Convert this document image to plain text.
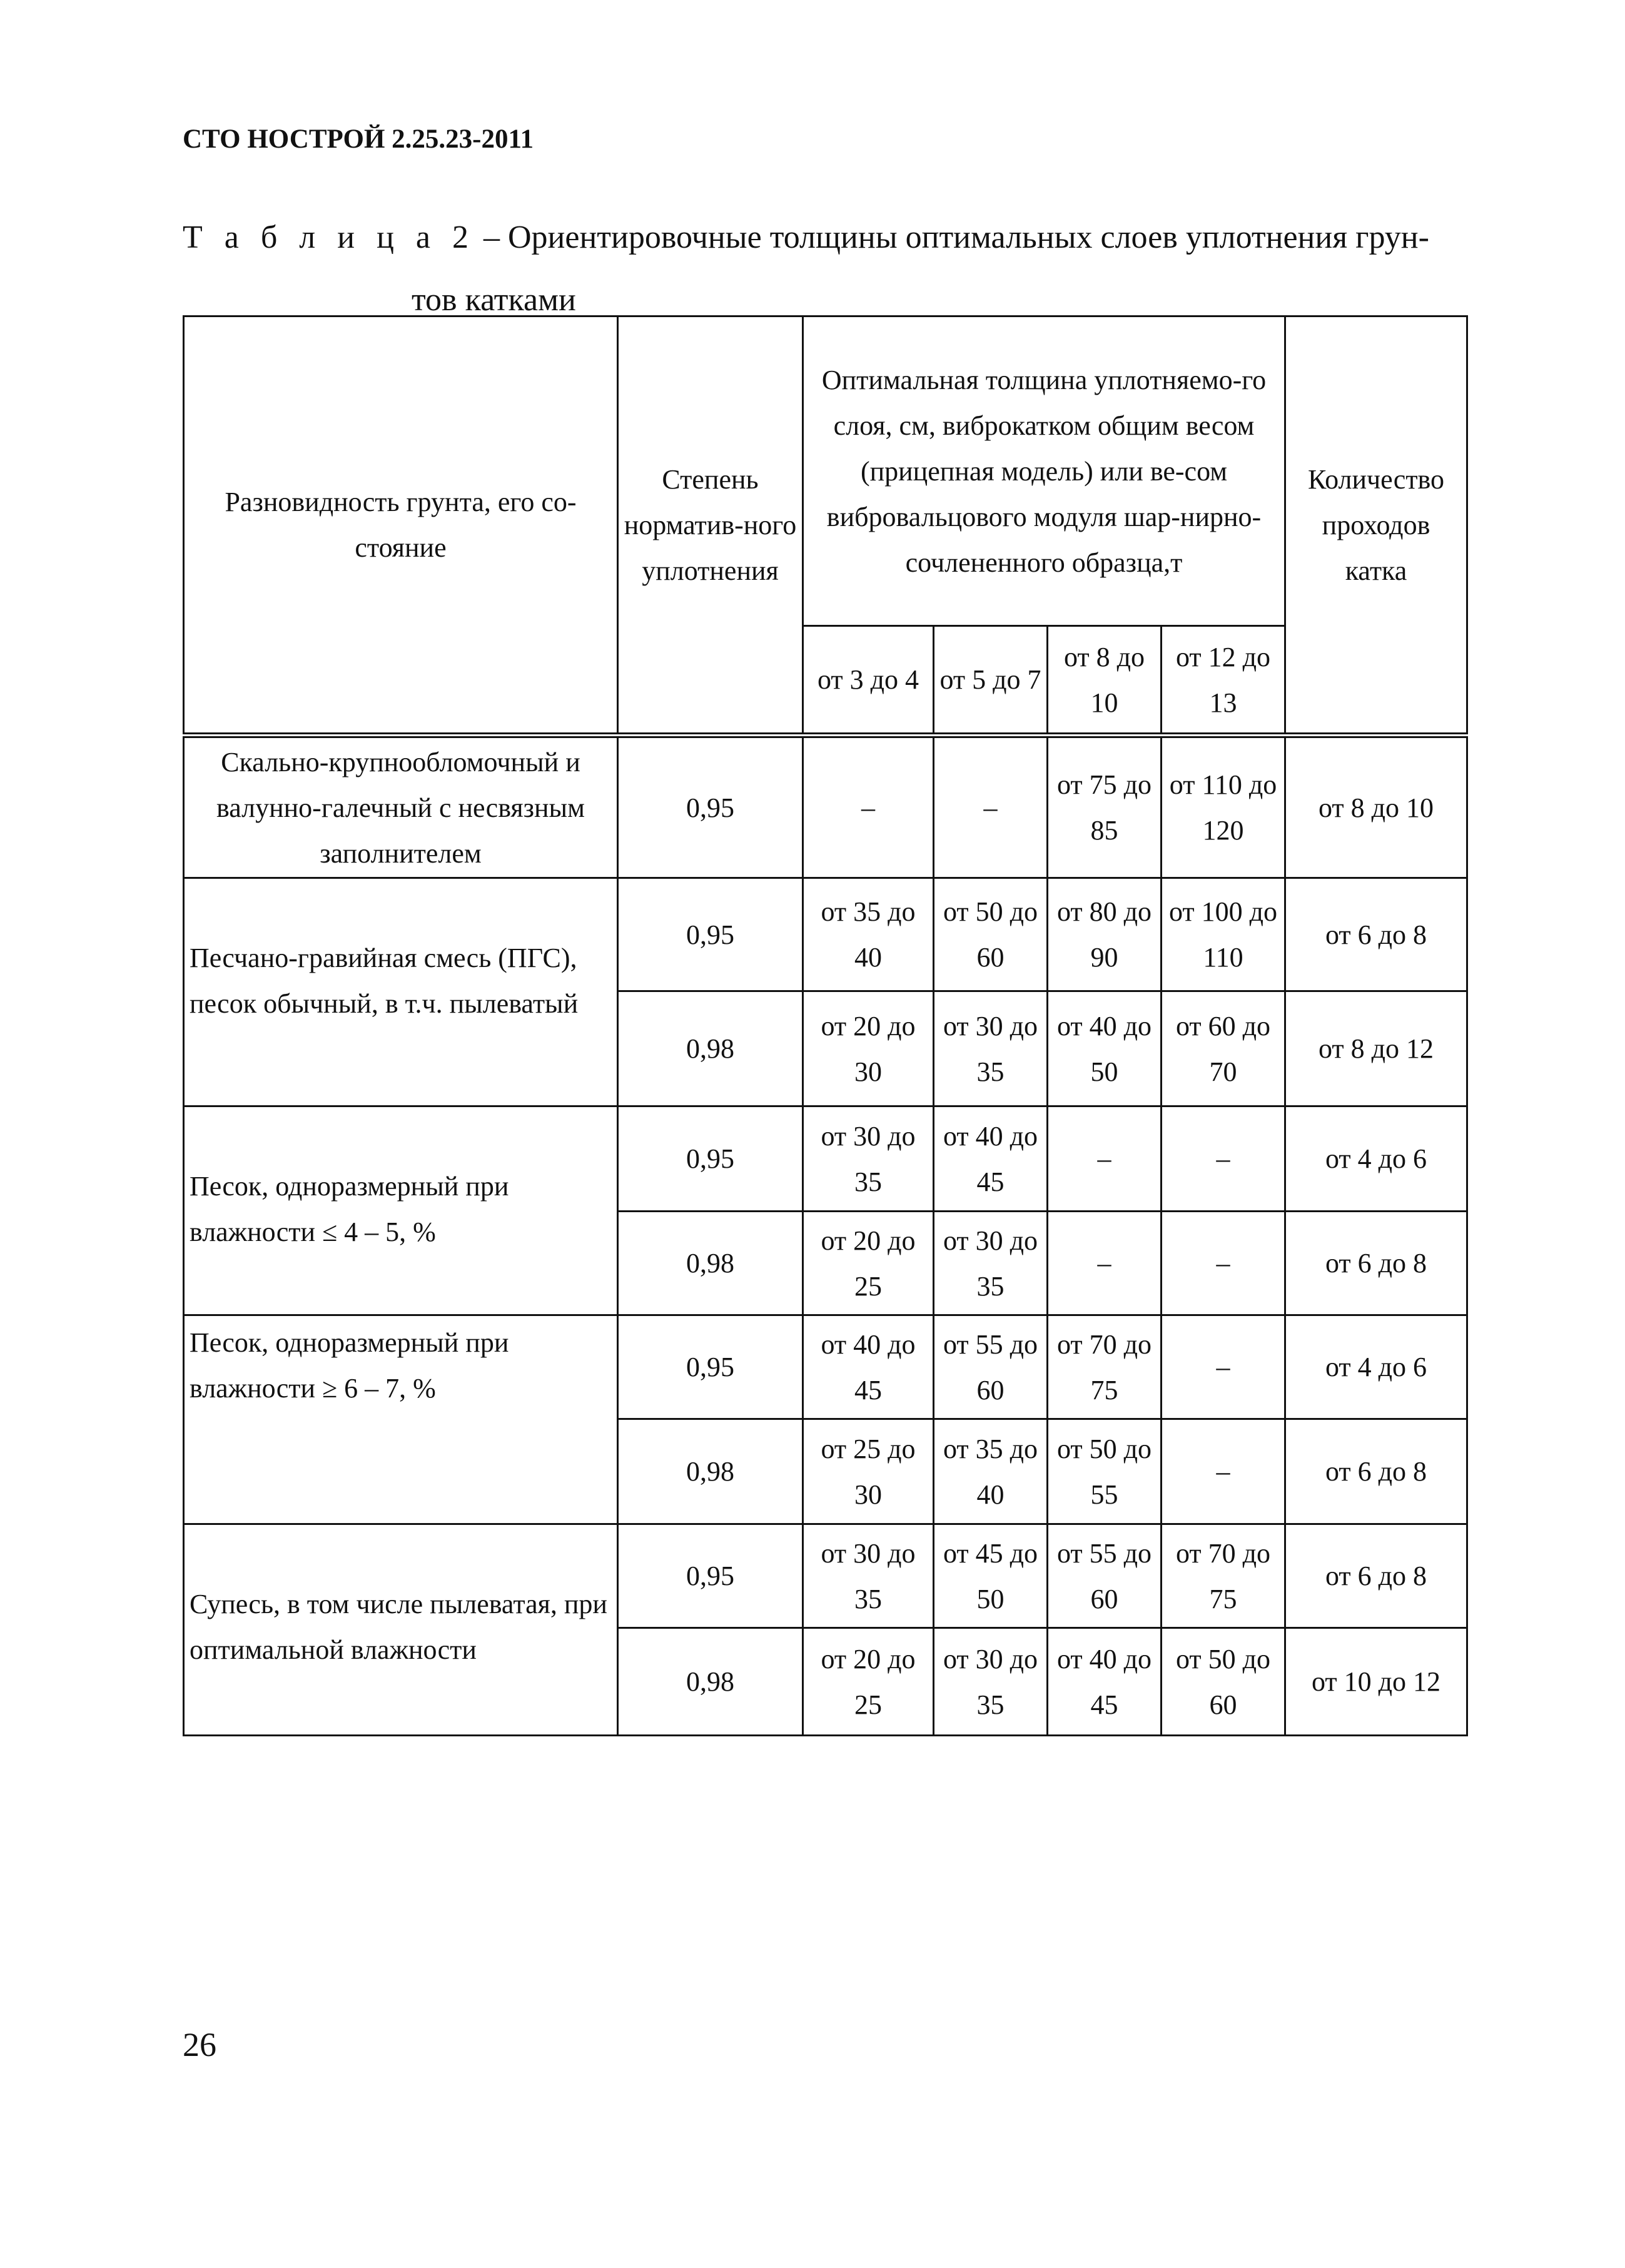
СТО НОСТРОЙ 2.25.23-2011
Т а б л и ц а 2 – Ориентировочные толщины оптимальных слоев уплотнения грун-
тов катками
Разновидность грунта, его со-стояние	Степень норматив-ного уплотнения	Оптимальная толщина уплотняемо-го слоя, см, виброкатком общим весом (прицепная модель) или ве-сом вибровальцового модуля шар-нирно-сочлененного образца,т				Количество проходов катка
		от 3 до 4	от 5 до 7	от 8 до 10	от 12 до 13	
Скально-крупнообломочный и валунно-галечный с несвязным заполнителем	0,95	–	–	от 75 до 85	от 110 до 120	от 8 до 10
Песчано-гравийная смесь (ПГС), песок обычный, в т.ч. пылеватый	0,95	от 35 до 40	от 50 до 60	от 80 до 90	от 100 до 110	от 6 до 8
	0,98	от 20 до 30	от 30 до 35	от 40 до 50	от 60 до 70	от 8 до 12
Песок, одноразмерный при влажности ≤ 4 – 5, %	0,95	от 30 до 35	от 40 до 45	–	–	от 4 до 6
	0,98	от 20 до 25	от 30 до 35	–	–	от 6 до 8
Песок, одноразмерный при влажности ≥ 6 – 7, %	0,95	от 40 до 45	от 55 до 60	от 70 до 75	–	от 4 до 6
	0,98	от 25 до 30	от 35 до 40	от 50 до 55	–	от 6 до 8
Супесь, в том числе пылеватая, при оптимальной влажности	0,95	от 30 до 35	от 45 до 50	от 55 до 60	от 70 до 75	от 6 до 8
	0,98	от 20 до 25	от 30 до 35	от 40 до 45	от 50 до 60	от 10 до 12
26
